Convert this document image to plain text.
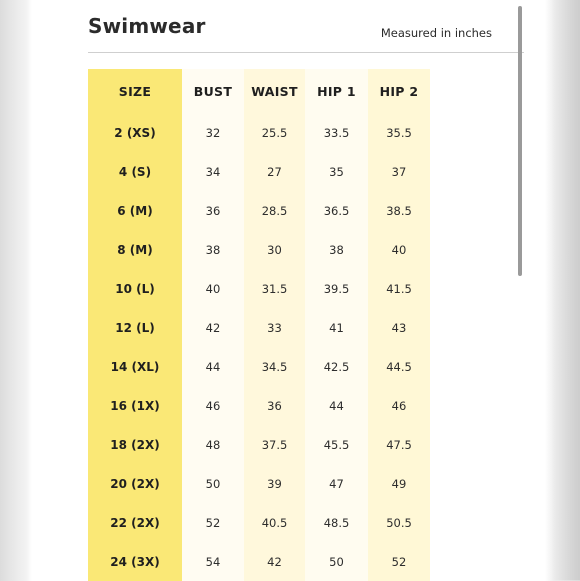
Swimwear	Measured in inches
SIZE
2 (XS)
4 (S)
6 (M)
8 (M)
10 (L)
12 (L)
14 (XL)
16 (1X)
18 (2X)
20 (2X)
22 (2X)
24 (3X)
BUST
32
34
36
38
40
42
44
46
48
50
52
54
WAIST
25.5
27
28.5
30
31.5
33
34.5
36
37.5
39
40.5
42
HIP 1
33.5
35
36.5
38
39.5
41
42.5
44
45.5
47
48.5
50
HIP 2
35.5
37
38.5
40
41.5
43
44.5
46
47.5
49
50.5
52
